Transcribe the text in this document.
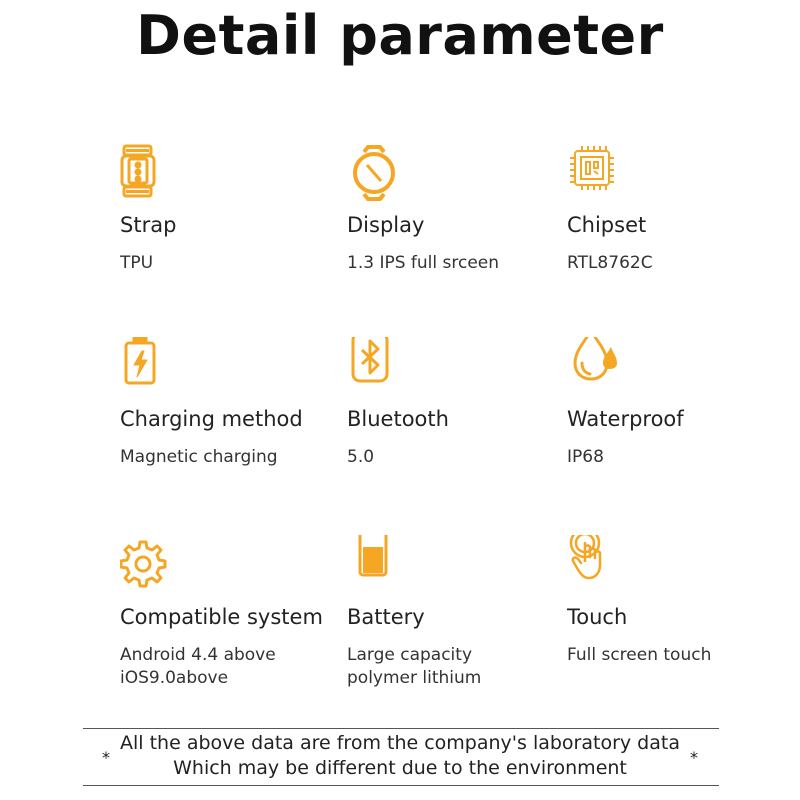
Detail parameter
Strap
TPU
Display
1.3 IPS full srceen
Chipset
RTL8762C
Charging method
Magnetic charging
Bluetooth
5.0
Waterproof
IP68
Compatible system
Android 4.4 above
iOS9.0above
Battery
Large capacity
polymer lithium
Touch
Full screen touch
*
All the above data are from the company's laboratory data
Which may be different due to the environment	*
